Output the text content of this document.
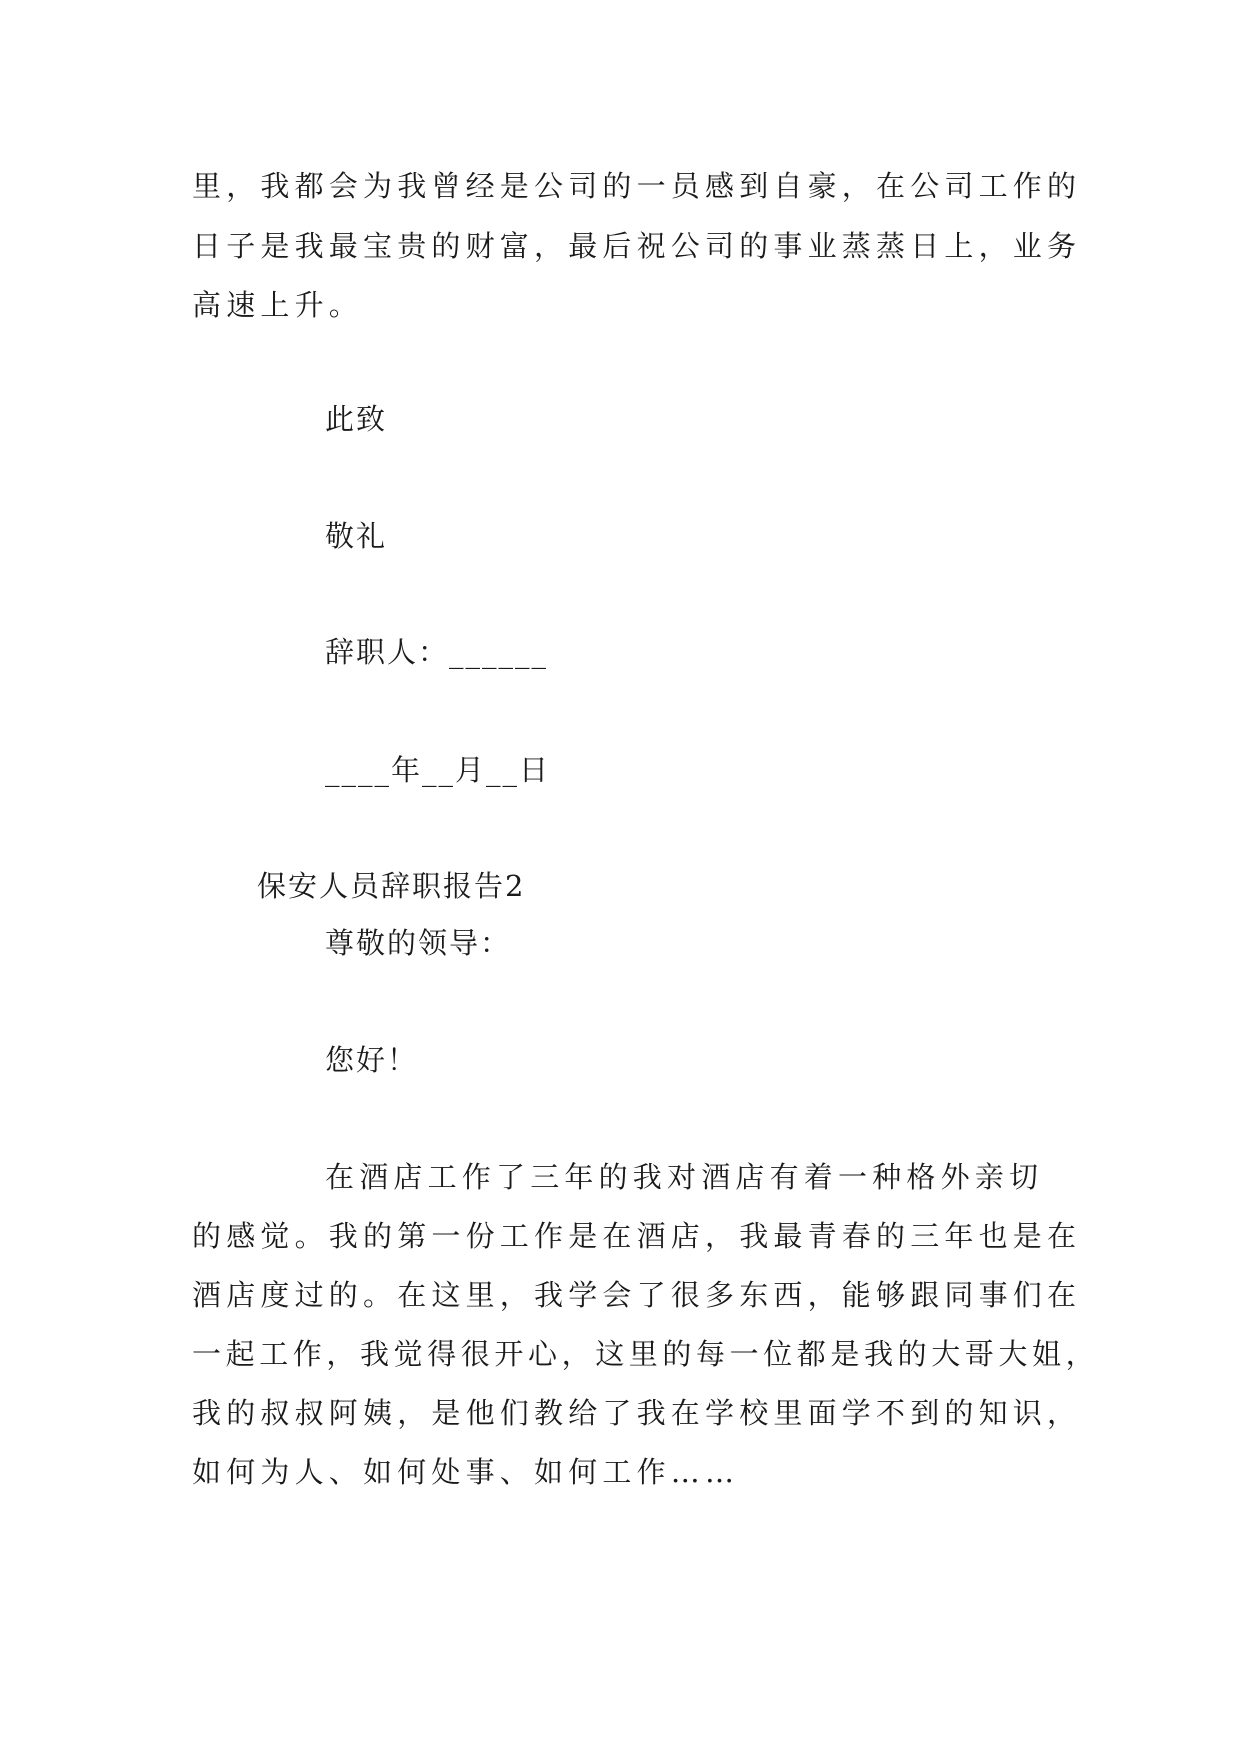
里，我都会为我曾经是公司的一员感到自豪，在公司工作的
日子是我最宝贵的财富，最后祝公司的事业蒸蒸日上，业务
高速上升。
此致
敬礼
辞职人：______
____年__月__日
保安人员辞职报告2
尊敬的领导：
您好！
在酒店工作了三年的我对酒店有着一种格外亲切
的感觉。我的第一份工作是在酒店，我最青春的三年也是在
酒店度过的。在这里，我学会了很多东西，能够跟同事们在
一起工作，我觉得很开心，这里的每一位都是我的大哥大姐，
我的叔叔阿姨，是他们教给了我在学校里面学不到的知识，
如何为人、如何处事、如何工作……
